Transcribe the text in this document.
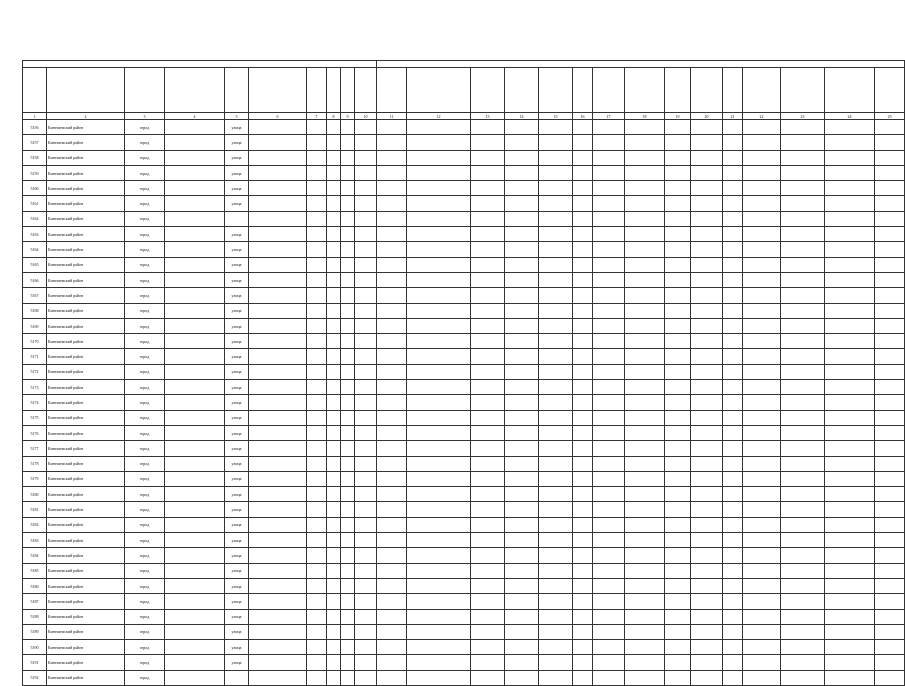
1	2	3	4	5	6	7	8	9	10	11	12	13	14	15	16	17	18	19	20	21	22	23	24	25
5156	Кинешемский район	город		улица																				
5157	Кинешемский район	город		улица																				
5158	Кинешемский район	город		улица																				
5159	Кинешемский район	город		улица																				
5160	Кинешемский район	город		улица																				
5161	Кинешемский район	город		улица																				
5162	Кинешемский район	город																						
5163	Кинешемский район	город		улица																				
5164	Кинешемский район	город		улица																				
5165	Кинешемский район	город		улица																				
5166	Кинешемский район	город		улица																				
5167	Кинешемский район	город		улица																				
5168	Кинешемский район	город		улица																				
5169	Кинешемский район	город		улица																				
5170	Кинешемский район	город		улица																				
5171	Кинешемский район	город		улица																				
5172	Кинешемский район	город		улица																				
5173	Кинешемский район	город		улица																				
5174	Кинешемский район	город		улица																				
5175	Кинешемский район	город		улица																				
5176	Кинешемский район	город		улица																				
5177	Кинешемский район	город		улица																				
5178	Кинешемский район	город		улица																				
5179	Кинешемский район	город		улица																				
5180	Кинешемский район	город		улица																				
5181	Кинешемский район	город		улица																				
5182	Кинешемский район	город		улица																				
5183	Кинешемский район	город		улица																				
5184	Кинешемский район	город		улица																				
5185	Кинешемский район	город		улица																				
5186	Кинешемский район	город		улица																				
5187	Кинешемский район	город		улица																				
5188	Кинешемский район	город		улица																				
5189	Кинешемский район	город		улица																				
5190	Кинешемский район	город		улица																				
5191	Кинешемский район	город		улица																				
5192	Кинешемский район	город																						
